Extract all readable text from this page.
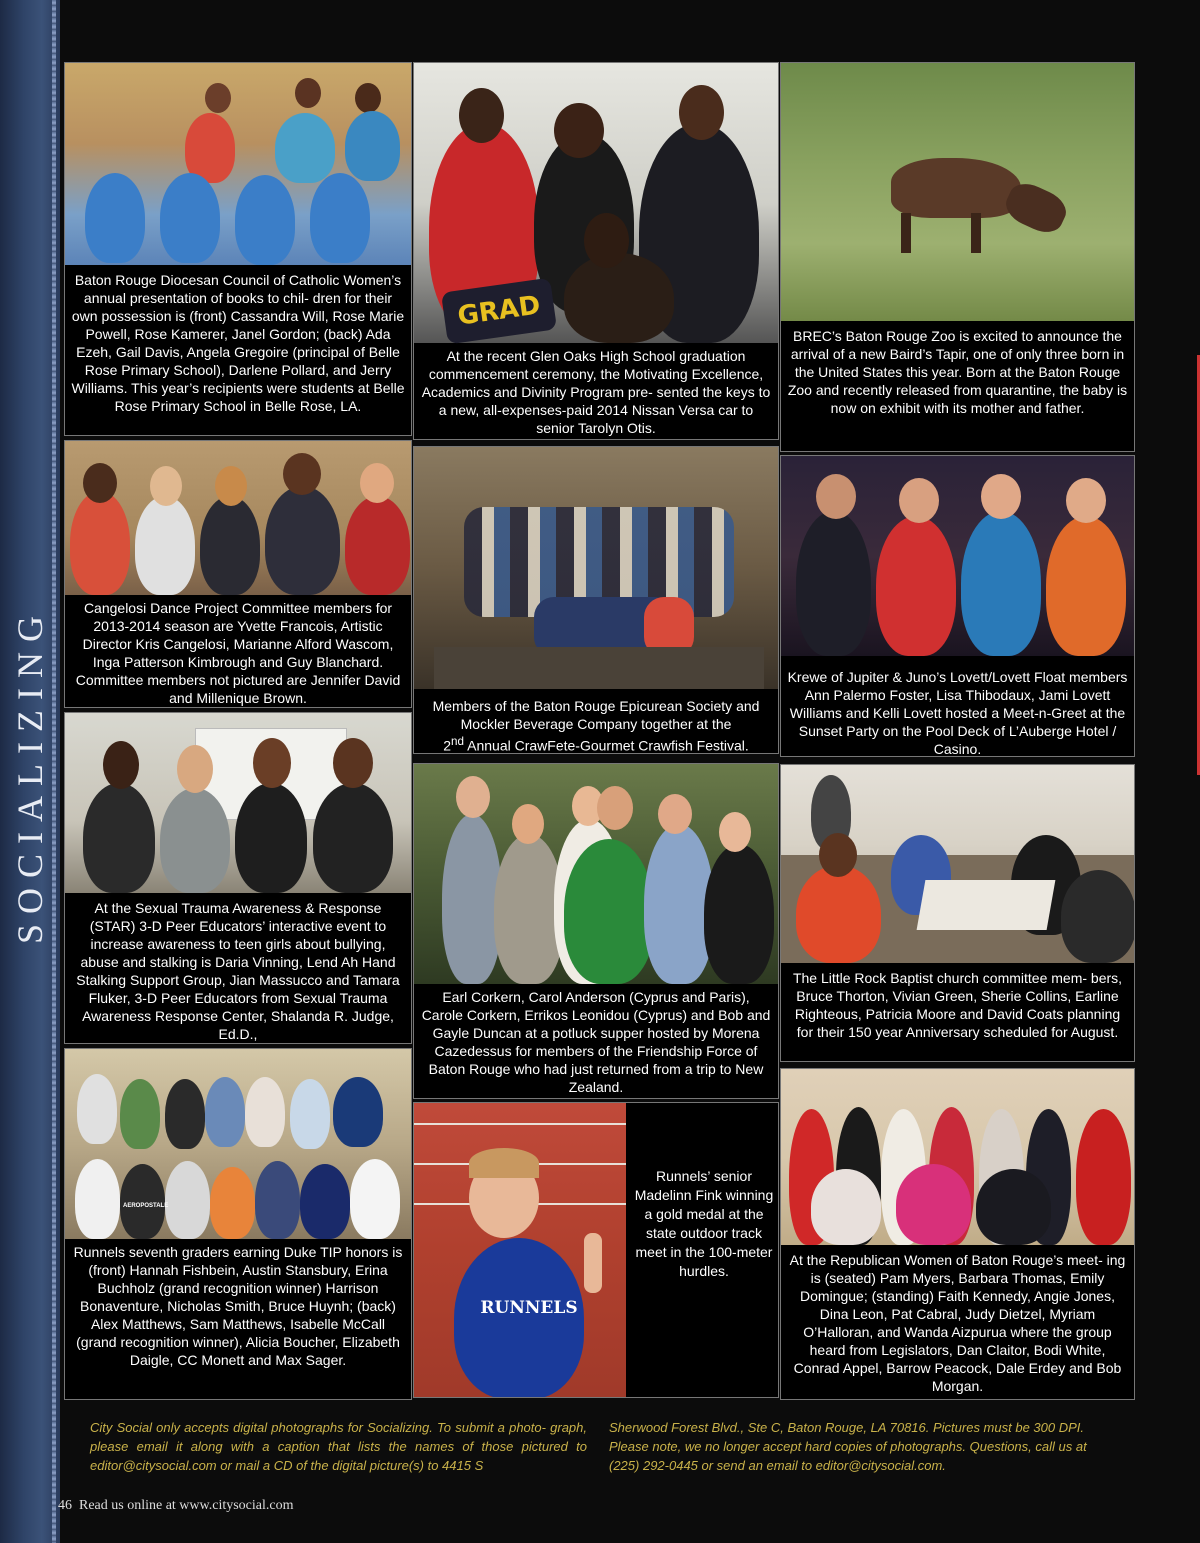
SOCIALIZING
Baton Rouge Diocesan Council of Catholic Women’s annual presentation of books to chil- dren for their own possession is (front) Cassandra Will, Rose Marie Powell, Rose Kamerer, Janel Gordon; (back) Ada Ezeh, Gail Davis, Angela Gregoire (principal of Belle Rose Primary School), Darlene Pollard, and Jerry Williams. This year’s recipients were students at Belle Rose Primary School in Belle Rose, LA.
GRAD
At the recent Glen Oaks High School graduation commencement ceremony, the Motivating Excellence, Academics and Divinity Program pre- sented the keys to a new, all-expenses-paid 2014 Nissan Versa car to senior Tarolyn Otis.
BREC’s Baton Rouge Zoo is excited to announce the arrival of a new Baird’s Tapir, one of only three born in the United States this year. Born at the Baton Rouge Zoo and recently released from quarantine, the baby is now on exhibit with its mother and father.
Cangelosi Dance Project Committee members for 2013-2014 season are Yvette Francois, Artistic Director Kris Cangelosi, Marianne Alford Wascom, Inga Patterson Kimbrough and Guy Blanchard. Committee members not pictured are Jennifer David and Millenique Brown.	Members of the Baton Rouge Epicurean Society and Mockler Beverage Company together at the
2nd Annual CrawFete-Gourmet Crawfish Festival.
Krewe of Jupiter & Juno’s Lovett/Lovett Float members Ann Palermo Foster, Lisa Thibodaux, Jami Lovett Williams and Kelli Lovett hosted a Meet-n-Greet at the Sunset Party on the Pool Deck of L’Auberge Hotel / Casino.
At the Sexual Trauma Awareness & Response (STAR) 3-D Peer Educators’ interactive event to increase awareness to teen girls about bullying, abuse and stalking is Daria Vinning, Lend Ah Hand Stalking Support Group, Jian Massucco and Tamara Fluker, 3-D Peer Educators from Sexual Trauma Awareness Response Center, Shalanda R. Judge, Ed.D.,
Earl Corkern, Carol Anderson (Cyprus and Paris), Carole Corkern, Errikos Leonidou (Cyprus) and Bob and Gayle Duncan at a potluck supper hosted by Morena Cazedessus for members of the Friendship Force of Baton Rouge who had just returned from a trip to New Zealand.
The Little Rock Baptist church committee mem- bers, Bruce Thorton, Vivian Green, Sherie Collins, Earline Righteous, Patricia Moore and David Coats planning for their 150 year Anniversary scheduled for August.
AEROPOSTALE
Runnels seventh graders earning Duke TIP honors is (front) Hannah Fishbein, Austin Stansbury, Erina Buchholz (grand recognition winner) Harrison Bonaventure, Nicholas Smith, Bruce Huynh; (back) Alex Matthews, Sam Matthews, Isabelle McCall (grand recognition winner), Alicia Boucher, Elizabeth Daigle, CC Monett and Max Sager.
RUNNELS
Runnels’ senior Madelinn Fink winning a gold medal at the state outdoor track meet in the 100-meter hurdles.
At the Republican Women of Baton Rouge’s meet- ing is (seated) Pam Myers, Barbara Thomas, Emily Domingue; (standing) Faith Kennedy, Angie Jones, Dina Leon, Pat Cabral, Judy Dietzel, Myriam O’Halloran, and Wanda Aizpurua where the group heard from Legislators, Dan Claitor, Bodi White, Conrad Appel, Barrow Peacock, Dale Erdey and Bob Morgan.
City Social only accepts digital photographs for Socializing. To submit a photo- graph, please email it along with a caption that lists the names of those pictured to editor@citysocial.com or mail a CD of the digital picture(s) to 4415 S
Sherwood Forest Blvd., Ste C, Baton Rouge, LA 70816. Pictures must be 300 DPI. Please note, we no longer accept hard copies of photographs. Questions, call us at (225) 292-0445 or send an email to editor@citysocial.com.
46 Read us online at www.citysocial.com
